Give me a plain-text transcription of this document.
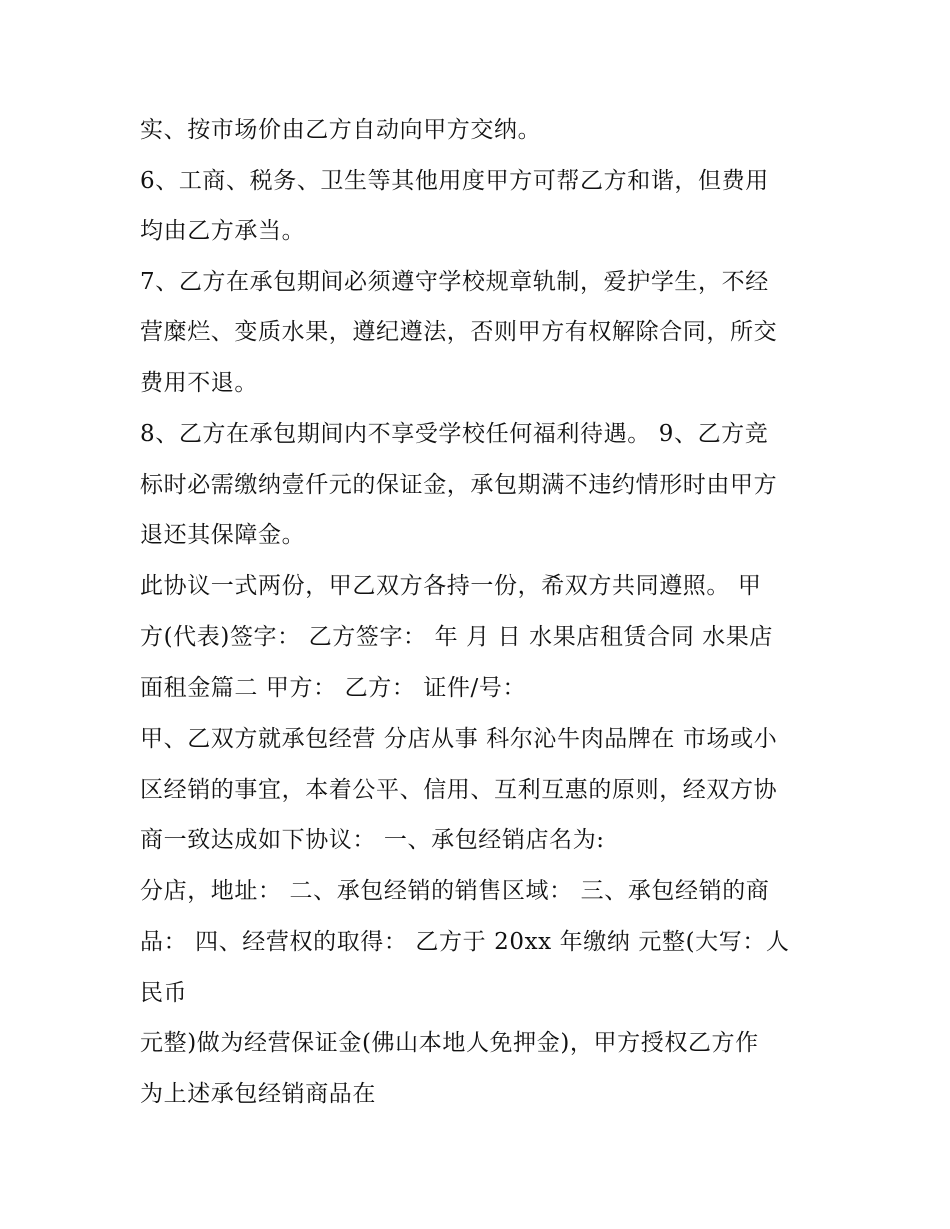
实、按市场价由乙方自动向甲方交纳。
6、工商、税务、卫生等其他用度甲方可帮乙方和谐，但费用
均由乙方承当。
7、乙方在承包期间必须遵守学校规章轨制，爱护学生，不经
营糜烂、变质水果，遵纪遵法，否则甲方有权解除合同，所交
费用不退。
8、乙方在承包期间内不享受学校任何福利待遇。 9、乙方竞
标时必需缴纳壹仟元的保证金，承包期满不违约情形时由甲方
退还其保障金。
此协议一式两份，甲乙双方各持一份，希双方共同遵照。 甲
方(代表)签字： 乙方签字： 年 月 日 水果店租赁合同 水果店
面租金篇二 甲方： 乙方： 证件/号：
甲、乙双方就承包经营 分店从事 科尔沁牛肉品牌在 市场或小
区经销的事宜，本着公平、信用、互利互惠的原则，经双方协
商一致达成如下协议： 一、承包经销店名为:
分店，地址： 二、承包经销的销售区域： 三、承包经销的商
品： 四、经营权的取得： 乙方于 20xx 年缴纳 元整(大写：人
民币
元整)做为经营保证金(佛山本地人免押金)，甲方授权乙方作
为上述承包经销商品在
